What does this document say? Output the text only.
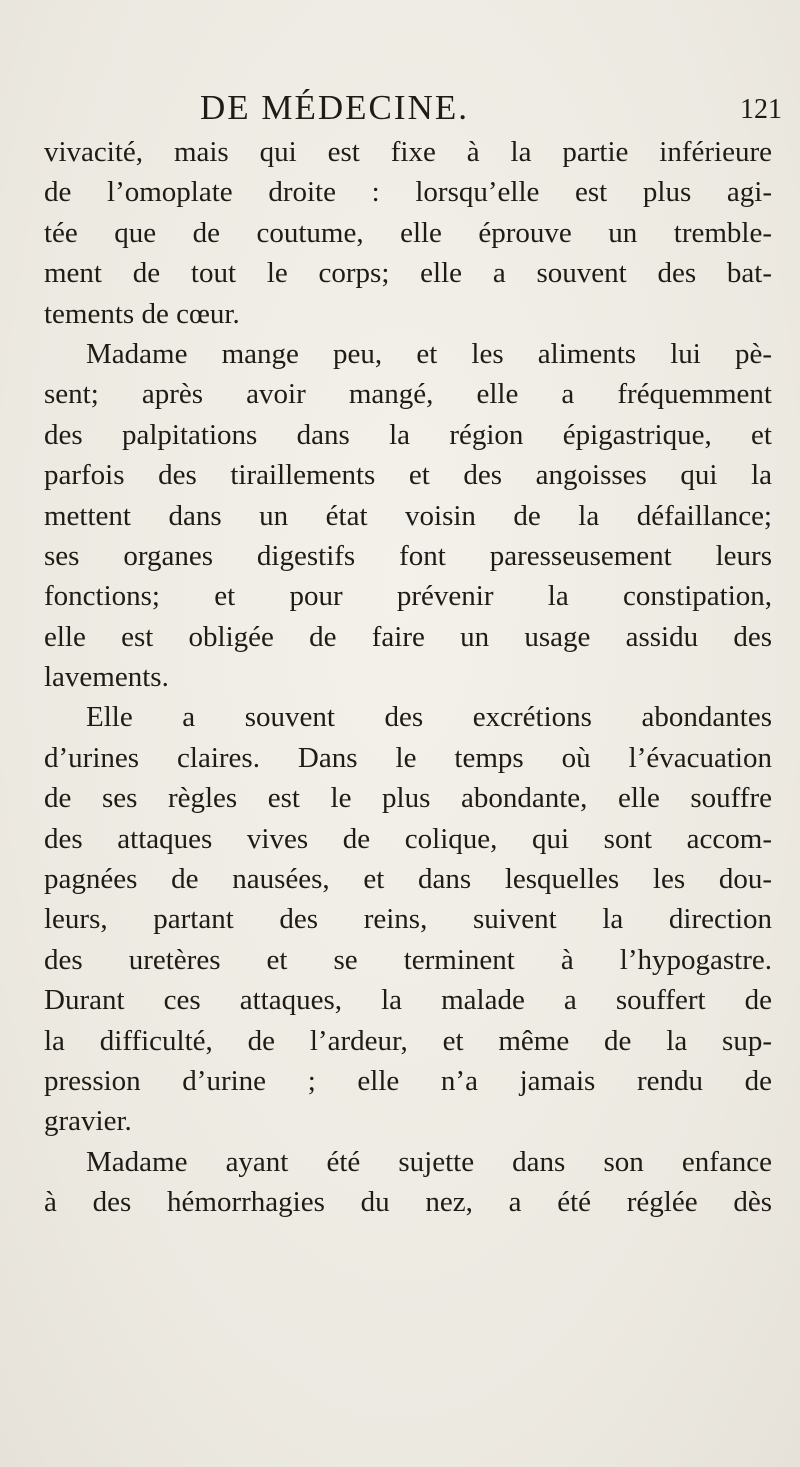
DE MÉDECINE.	121
vivacité, mais qui est fixe à la partie inférieure
de l’omoplate droite : lorsqu’elle est plus agi-
tée que de coutume, elle éprouve un tremble-
ment de tout le corps; elle a souvent des bat-
tements de cœur.
Madame mange peu, et les aliments lui pè-
sent; après avoir mangé, elle a fréquemment
des palpitations dans la région épigastrique, et
parfois des tiraillements et des angoisses qui la
mettent dans un état voisin de la défaillance;
ses organes digestifs font paresseusement leurs
fonctions; et pour prévenir la constipation,
elle est obligée de faire un usage assidu des
lavements.
Elle a souvent des excrétions abondantes
d’urines claires. Dans le temps où l’évacuation
de ses règles est le plus abondante, elle souffre
des attaques vives de colique, qui sont accom-
pagnées de nausées, et dans lesquelles les dou-
leurs, partant des reins, suivent la direction
des uretères et se terminent à l’hypogastre.
Durant ces attaques, la malade a souffert de
la difficulté, de l’ardeur, et même de la sup-
pression d’urine ; elle n’a jamais rendu de
gravier.
Madame ayant été sujette dans son enfance
à des hémorrhagies du nez, a été réglée dès
